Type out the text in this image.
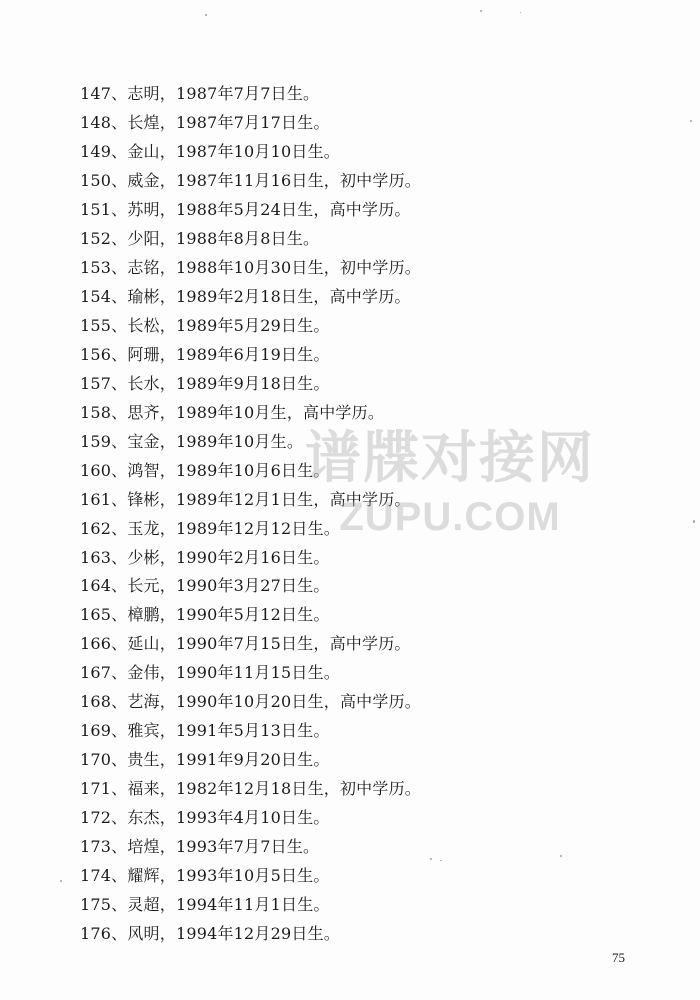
147、志明，1987年7月7日生。
148、长煌，1987年7月17日生。
149、金山，1987年10月10日生。
150、威金，1987年11月16日生，初中学历。
151、苏明，1988年5月24日生，高中学历。
152、少阳，1988年8月8日生。
153、志铭，1988年10月30日生，初中学历。
154、瑜彬，1989年2月18日生，高中学历。
155、长松，1989年5月29日生。
156、阿珊，1989年6月19日生。
157、长水，1989年9月18日生。
158、思齐，1989年10月生，高中学历。
159、宝金，1989年10月生。
160、鸿智，1989年10月6日生。
161、锋彬，1989年12月1日生，高中学历。
162、玉龙，1989年12月12日生。
163、少彬，1990年2月16日生。
164、长元，1990年3月27日生。
165、樟鹏，1990年5月12日生。
166、延山，1990年7月15日生，高中学历。
167、金伟，1990年11月15日生。
168、艺海，1990年10月20日生，高中学历。
169、雅宾，1991年5月13日生。
170、贵生，1991年9月20日生。
171、福来，1982年12月18日生，初中学历。
172、东杰，1993年4月10日生。
173、培煌，1993年7月7日生。
174、耀辉，1993年10月5日生。
175、灵超，1994年11月1日生。
176、风明，1994年12月29日生。
谱牒对接网
ZUPU.COM
75
